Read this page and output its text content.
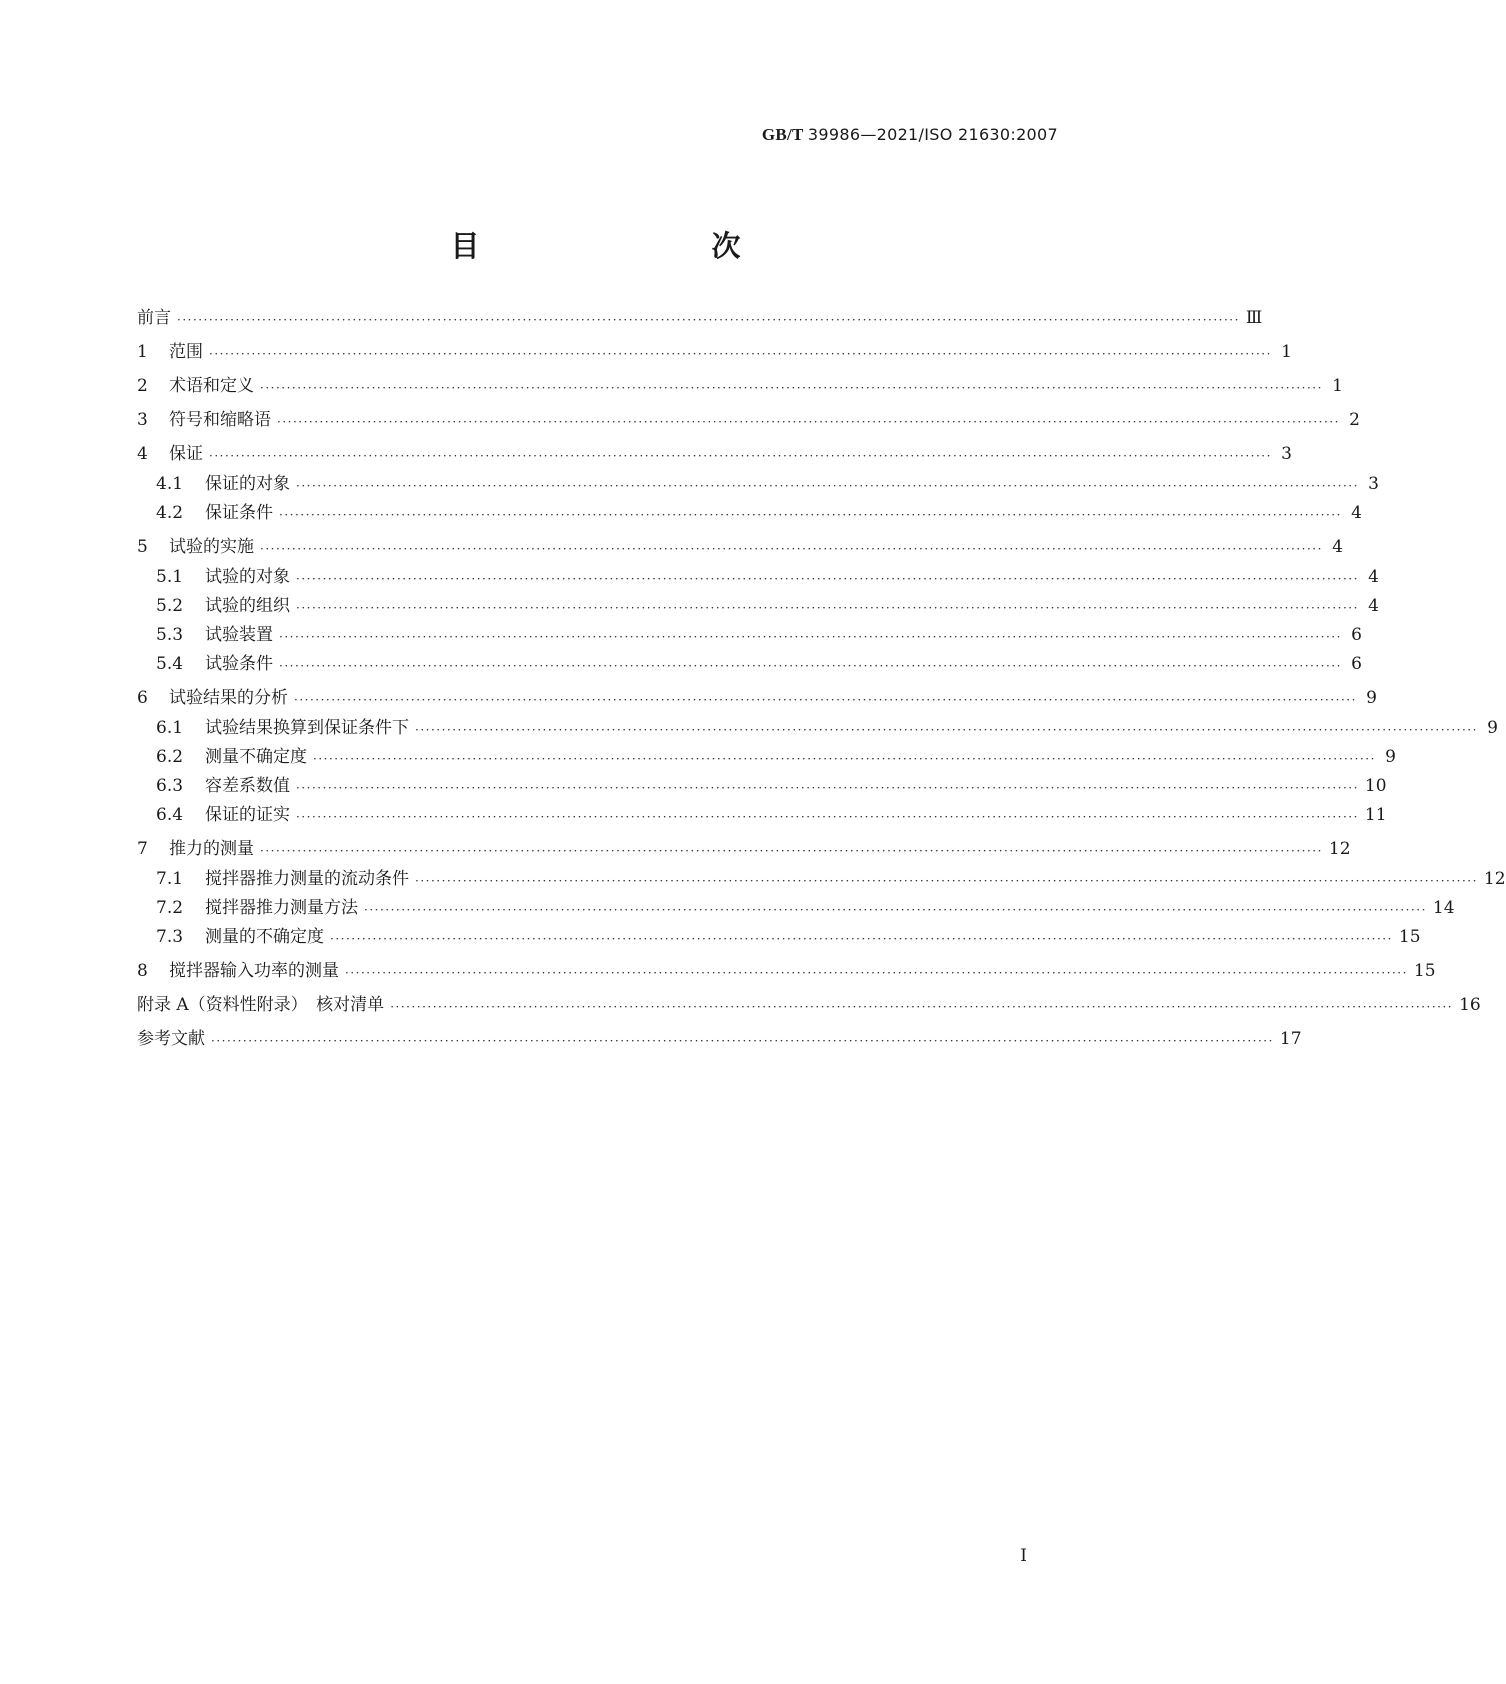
GB/T 39986—2021/ISO 21630:2007
目　　次
前言 ········································································································································································································ Ⅲ
1	范围 ········································································································································································································ 1
2	术语和定义 ········································································································································································································ 1
3	符号和缩略语 ········································································································································································································ 2
4	保证 ········································································································································································································ 3
4.1	保证的对象 ········································································································································································································ 3
4.2	保证条件 ········································································································································································································ 4
5	试验的实施 ········································································································································································································ 4
5.1	试验的对象 ········································································································································································································ 4
5.2	试验的组织 ········································································································································································································ 4
5.3	试验装置 ········································································································································································································ 6
5.4	试验条件 ········································································································································································································ 6
6	试验结果的分析 ········································································································································································································ 9
6.1	试验结果换算到保证条件下 ········································································································································································································ 9
6.2	测量不确定度 ········································································································································································································ 9
6.3	容差系数值 ········································································································································································································ 10
6.4	保证的证实 ········································································································································································································ 11
7	推力的测量 ········································································································································································································ 12
7.1	搅拌器推力测量的流动条件 ········································································································································································································ 12
7.2	搅拌器推力测量方法 ········································································································································································································ 14
7.3	测量的不确定度 ········································································································································································································ 15
8	搅拌器输入功率的测量 ········································································································································································································ 15
附录 A（资料性附录）　核对清单 ········································································································································································································ 16
参考文献 ········································································································································································································ 17
Ⅰ
